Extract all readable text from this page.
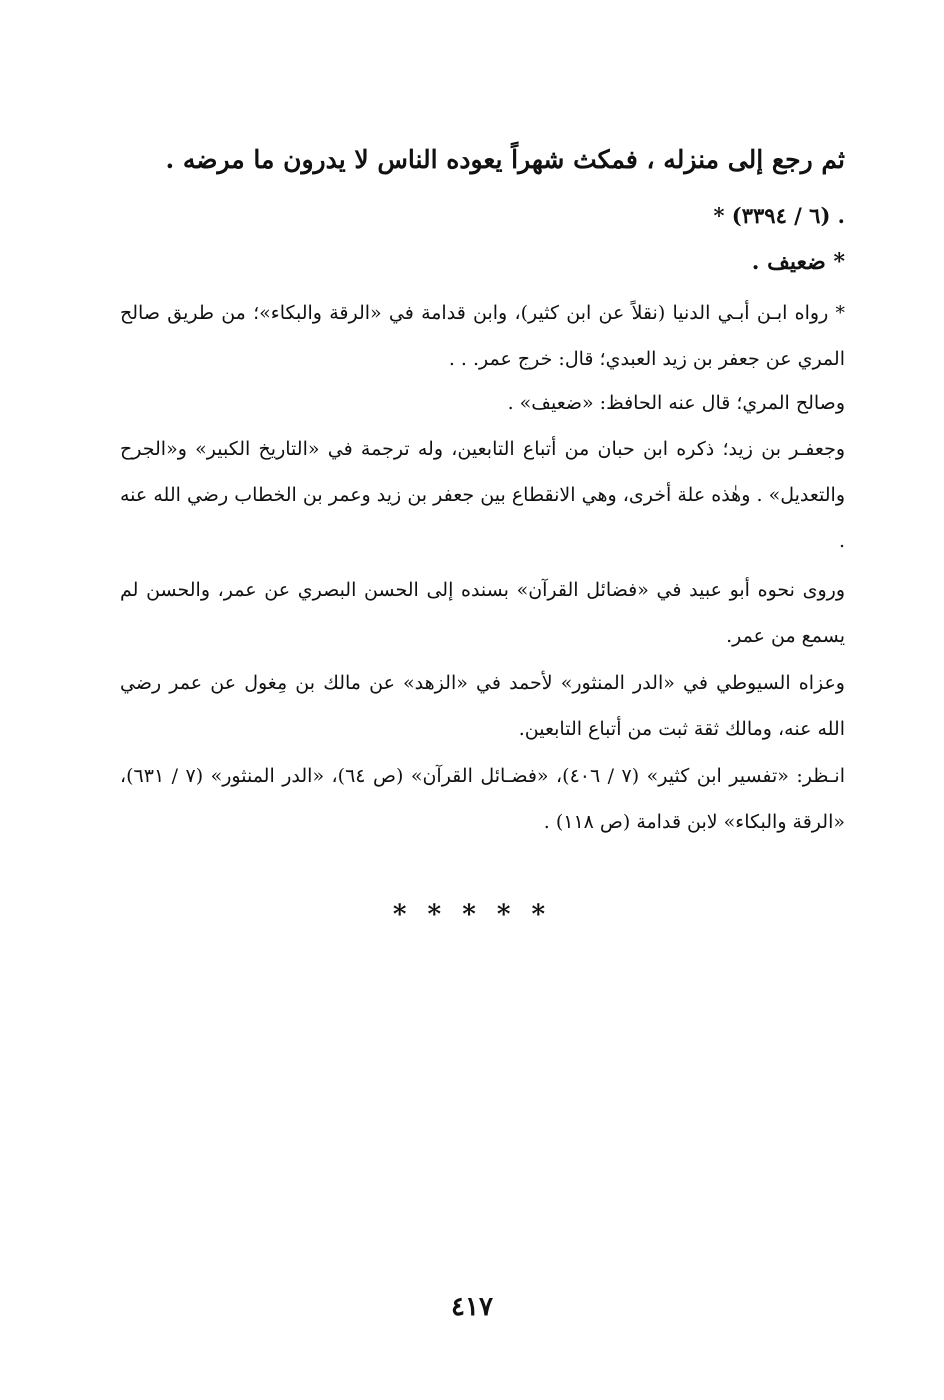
ثم رجع إلى منزله ، فمكث شهراً يعوده الناس لا يدرون ما مرضه .
* (٦ / ٣٣٩٤) .
* ضعيف .
* رواه ابـن أبـي الدنيا (نقلاً عن ابن كثير)، وابن قدامة في «الرقة والبكاء»؛ من طريق صالح المري عن جعفر بن زيد العبدي؛ قال: خرج عمر. . .
وصالح المري؛ قال عنه الحافظ: «ضعيف» .
وجعفـر بن زيد؛ ذكره ابن حبان من أتباع التابعين، وله ترجمة في «التاريخ الكبير» و«الجرح والتعديل» . وهٰذه علة أخرى، وهي الانقطاع بين جعفر بن زيد وعمر بن الخطاب رضي الله عنه .
وروى نحوه أبو عبيد في «فضائل القرآن» بسنده إلى الحسن البصري عن عمر، والحسن لم يسمع من عمر.
وعزاه السيوطي في «الدر المنثور» لأحمد في «الزهد» عن مالك بن مِغول عن عمر رضي الله عنه، ومالك ثقة ثبت من أتباع التابعين.
انـظر: «تفسير ابن كثير» (٧ / ٤٠٦)، «فضـائل القرآن» (ص ٦٤)، «الدر المنثور» (٧ / ٦٣١)، «الرقة والبكاء» لابن قدامة (ص ١١٨) .
* * * * *
٤١٧
